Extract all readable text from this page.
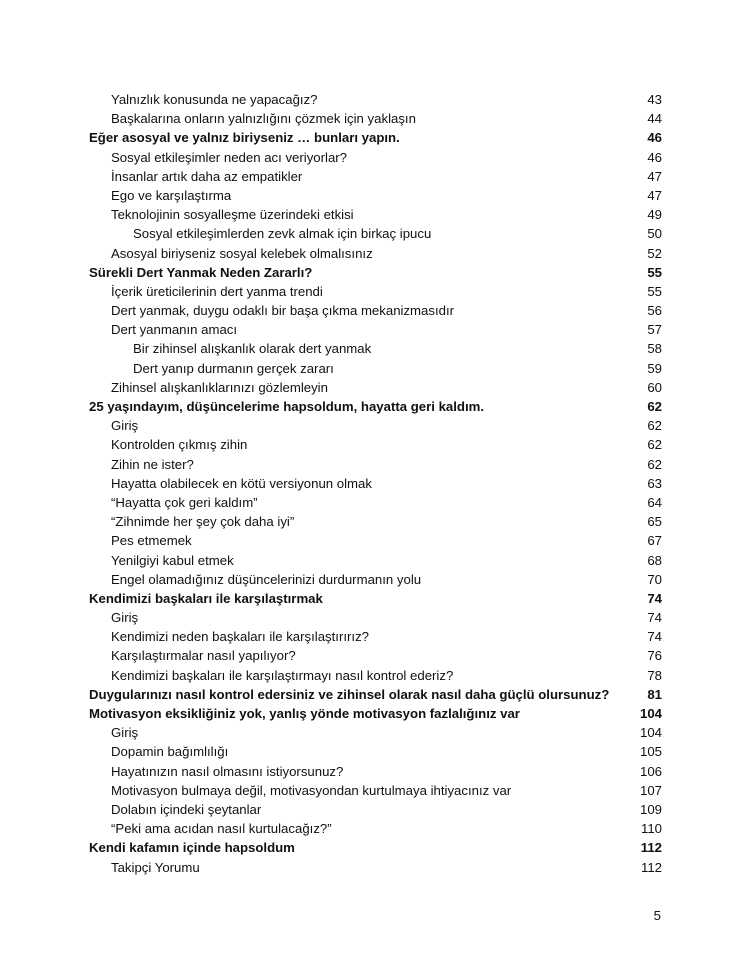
Yalnızlık konusunda ne yapacağız?	43
Başkalarına onların yalnızlığını çözmek için yaklaşın	44
Eğer asosyal ve yalnız biriyseniz … bunları yapın.	46
Sosyal etkileşimler neden acı veriyorlar?	46
İnsanlar artık daha az empatikler	47
Ego ve karşılaştırma	47
Teknolojinin sosyalleşme üzerindeki etkisi	49
Sosyal etkileşimlerden zevk almak için birkaç ipucu	50
Asosyal biriyseniz sosyal kelebek olmalısınız	52
Sürekli Dert Yanmak Neden Zararlı?	55
İçerik üreticilerinin dert yanma trendi	55
Dert yanmak, duygu odaklı bir başa çıkma mekanizmasıdır	56
Dert yanmanın amacı	57
Bir zihinsel alışkanlık olarak dert yanmak	58
Dert yanıp durmanın gerçek zararı	59
Zihinsel alışkanlıklarınızı gözlemleyin	60
25 yaşındayım, düşüncelerime hapsoldum, hayatta geri kaldım.	62
Giriş	62
Kontrolden çıkmış zihin	62
Zihin ne ister?	62
Hayatta olabilecek en kötü versiyonun olmak	63
“Hayatta çok geri kaldım”	64
“Zihnimde her şey çok daha iyi”	65
Pes etmemek	67
Yenilgiyi kabul etmek	68
Engel olamadığınız düşüncelerinizi durdurmanın yolu	70
Kendimizi başkaları ile karşılaştırmak	74
Giriş	74
Kendimizi neden başkaları ile karşılaştırırız?	74
Karşılaştırmalar nasıl yapılıyor?	76
Kendimizi başkaları ile karşılaştırmayı nasıl kontrol ederiz?	78
Duygularınızı nasıl kontrol edersiniz ve zihinsel olarak nasıl daha güçlü olursunuz?	81
Motivasyon eksikliğiniz yok, yanlış yönde motivasyon fazlalığınız var	104
Giriş	104
Dopamin bağımlılığı	105
Hayatınızın nasıl olmasını istiyorsunuz?	106
Motivasyon bulmaya değil, motivasyondan kurtulmaya ihtiyacınız var	107
Dolabın içindeki şeytanlar	109
“Peki ama acıdan nasıl kurtulacağız?”	110
Kendi kafamın içinde hapsoldum	112
Takipçi Yorumu	112
5
